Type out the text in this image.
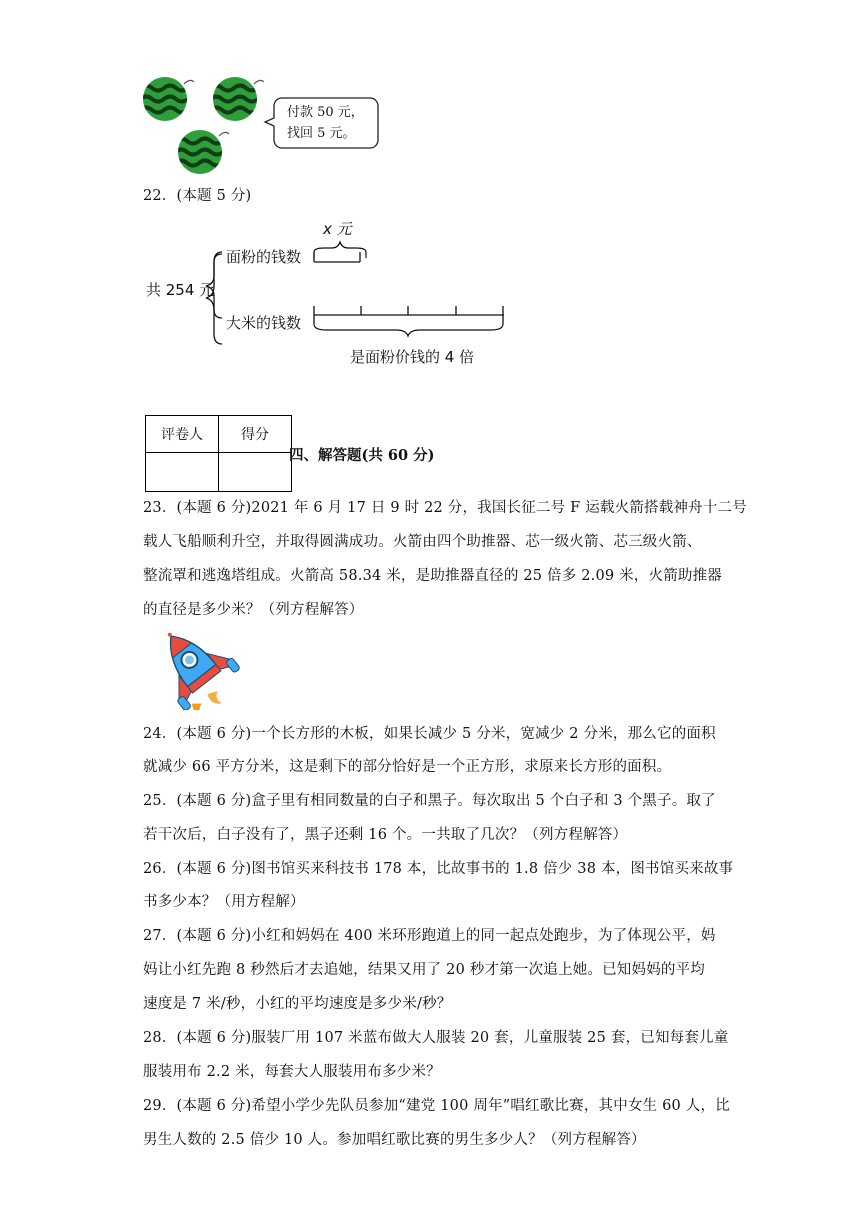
付款 50 元，
找回 5 元。
22．(本题 5 分)
x 元
面粉的钱数
共 254 元
大米的钱数
是面粉价钱的 4 倍
评卷人	得分

四、解答题(共 60 分)
23．(本题 6 分)2021 年 6 月 17 日 9 时 22 分，我国长征二号 F 运载火箭搭载神舟十二号
载人飞船顺利升空，并取得圆满成功。火箭由四个助推器、芯一级火箭、芯三级火箭、
整流罩和逃逸塔组成。火箭高 58.34 米，是助推器直径的 25 倍多 2.09 米，火箭助推器
的直径是多少米？（列方程解答）
24．(本题 6 分)一个长方形的木板，如果长减少 5 分米，宽减少 2 分米，那么它的面积
就减少 66 平方分米，这是剩下的部分恰好是一个正方形，求原来长方形的面积。
25．(本题 6 分)盒子里有相同数量的白子和黑子。每次取出 5 个白子和 3 个黑子。取了
若干次后，白子没有了，黑子还剩 16 个。一共取了几次？（列方程解答）
26．(本题 6 分)图书馆买来科技书 178 本，比故事书的 1.8 倍少 38 本，图书馆买来故事
书多少本？（用方程解）
27．(本题 6 分)小红和妈妈在 400 米环形跑道上的同一起点处跑步，为了体现公平，妈
妈让小红先跑 8 秒然后才去追她，结果又用了 20 秒才第一次追上她。已知妈妈的平均
速度是 7 米/秒，小红的平均速度是多少米/秒？
28．(本题 6 分)服装厂用 107 米蓝布做大人服装 20 套，儿童服装 25 套，已知每套儿童
服装用布 2.2 米，每套大人服装用布多少米？
29．(本题 6 分)希望小学少先队员参加“建党 100 周年”唱红歌比赛，其中女生 60 人，比
男生人数的 2.5 倍少 10 人。参加唱红歌比赛的男生多少人？（列方程解答）
